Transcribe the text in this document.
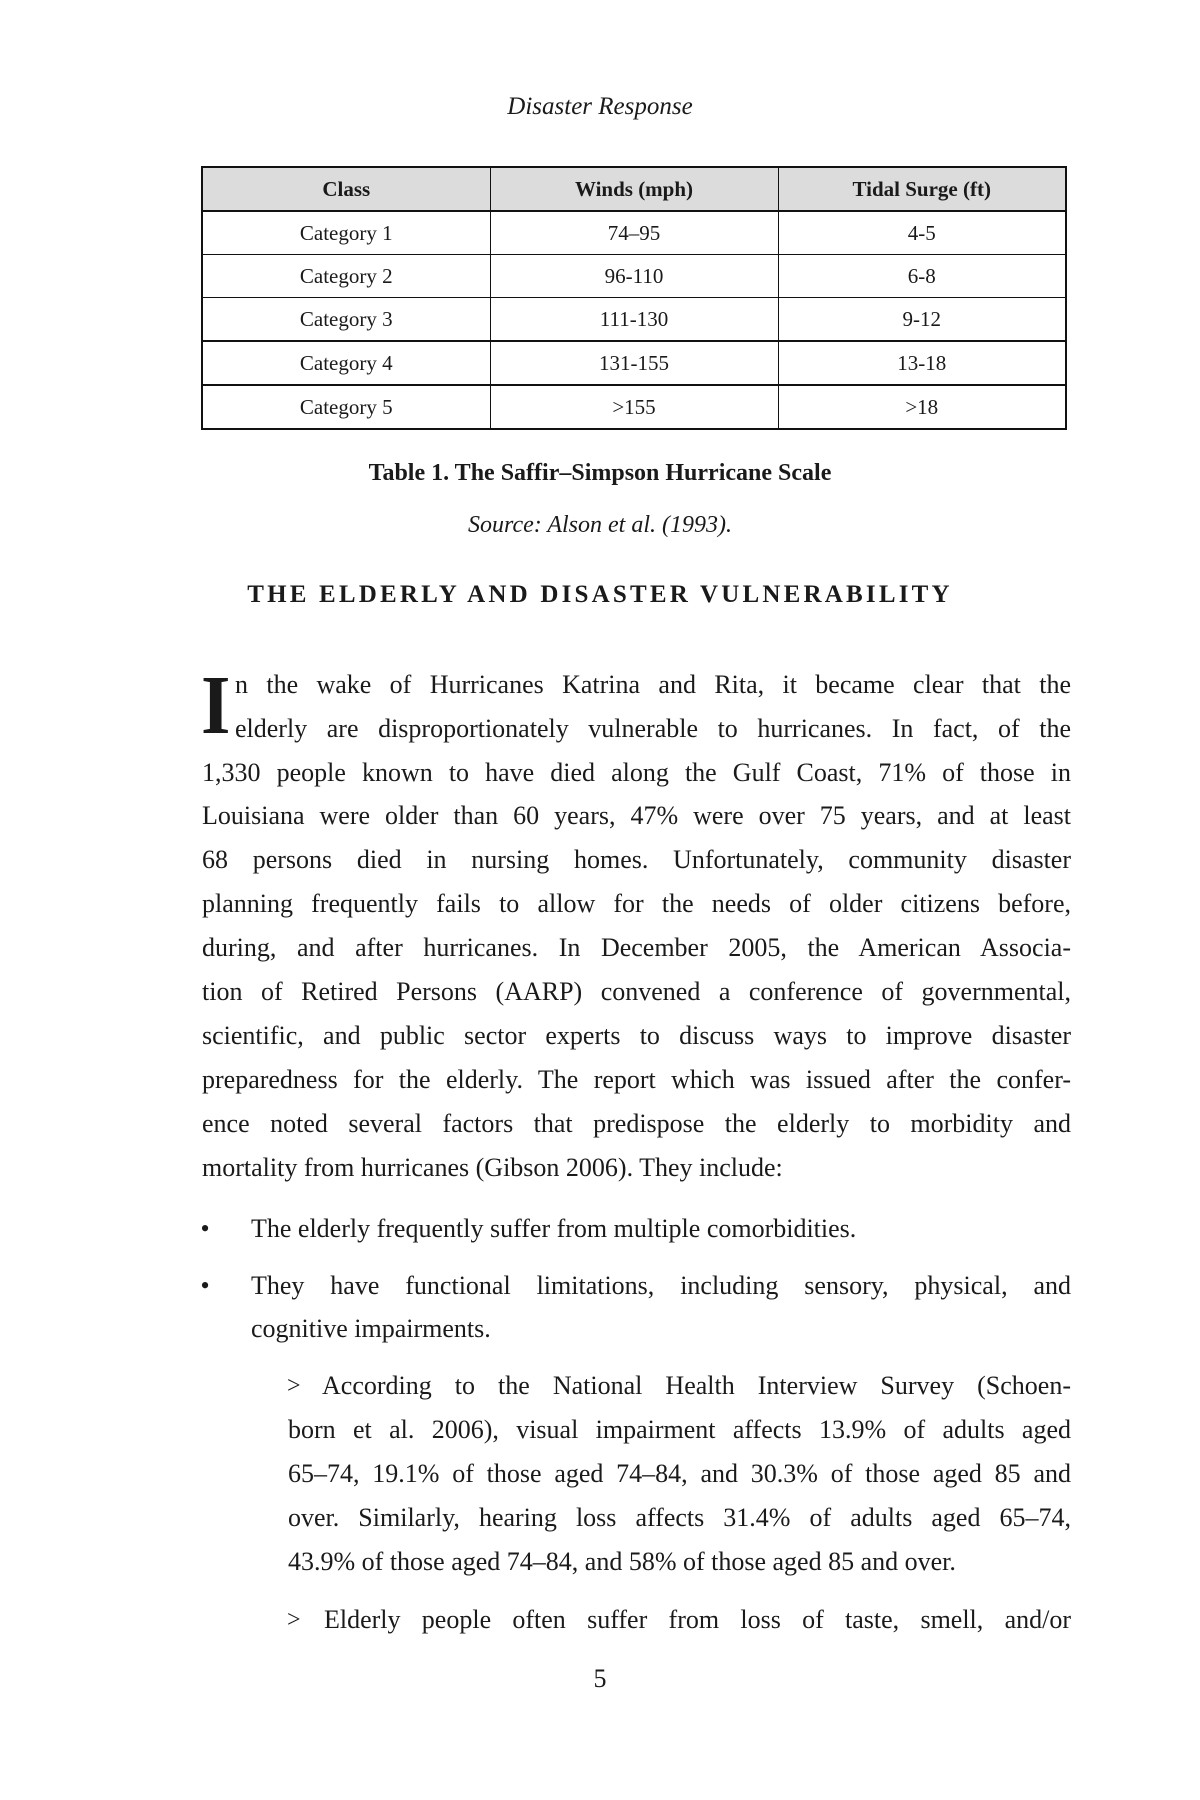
Disaster Response
Class	Winds (mph)	Tidal Surge (ft)
Category 1	74–95	4-5
Category 2	96-110	6-8
Category 3	111-130	9-12
Category 4	131-155	13-18
Category 5	>155	>18
Table 1. The Saffir–Simpson Hurricane Scale
Source: Alson et al. (1993).
THE ELDERLY AND DISASTER VULNERABILITY
I n the wake of Hurricanes Katrina and Rita, it became clear that the
elderly are disproportionately vulnerable to hurricanes. In fact, of the
1,330 people known to have died along the Gulf Coast, 71% of those in
Louisiana were older than 60 years, 47% were over 75 years, and at least
68 persons died in nursing homes. Unfortunately, community disaster
planning frequently fails to allow for the needs of older citizens before,
during, and after hurricanes. In December 2005, the American Associa-
tion of Retired Persons (AARP) convened a conference of governmental,
scientific, and public sector experts to discuss ways to improve disaster
preparedness for the elderly. The report which was issued after the confer-
ence noted several factors that predispose the elderly to morbidity and
mortality from hurricanes (Gibson 2006). They include:
• The elderly frequently suffer from multiple comorbidities.
• They have functional limitations, including sensory, physical, and
cognitive impairments.
> According to the National Health Interview Survey (Schoen-
born et al. 2006), visual impairment affects 13.9% of adults aged
65–74, 19.1% of those aged 74–84, and 30.3% of those aged 85 and
over. Similarly, hearing loss affects 31.4% of adults aged 65–74,
43.9% of those aged 74–84, and 58% of those aged 85 and over.
> Elderly people often suffer from loss of taste, smell, and/or
5
